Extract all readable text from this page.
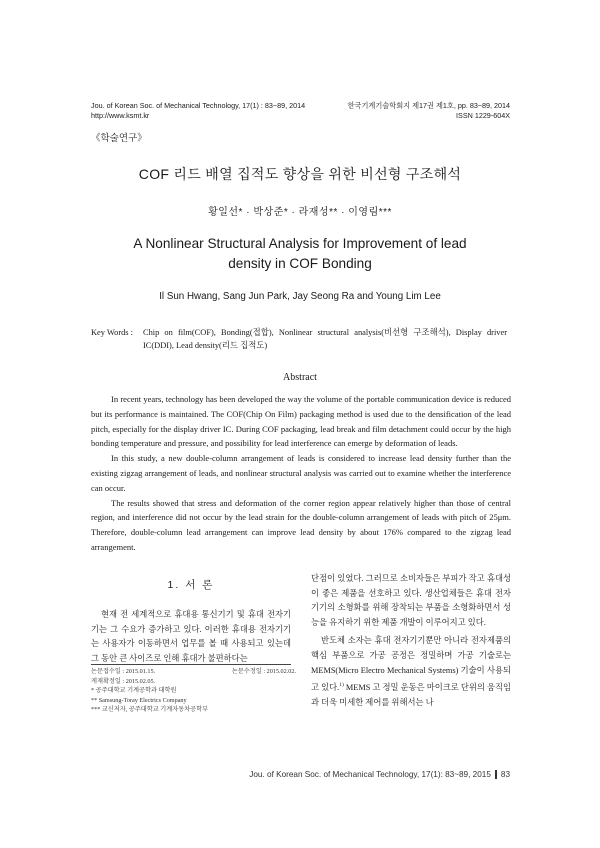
Jou. of Korean Soc. of Mechanical Technology, 17(1) : 83~89, 2014
http://www.ksmt.kr
한국기계기술학회지 제17권 제1호, pp. 83~89, 2014
ISSN 1229-604X
《학술연구》
COF 리드 배열 집적도 향상을 위한 비선형 구조해석
황일선* · 박상준* · 라재성** · 이영림***
A Nonlinear Structural Analysis for Improvement of lead density in COF Bonding
Il Sun Hwang, Sang Jun Park, Jay Seong Ra and Young Lim Lee
Key Words : Chip on film(COF), Bonding(접합), Nonlinear structural analysis(비선형 구조해석), Display driver IC(DDI), Lead density(리드 집적도)
Abstract

In recent years, technology has been developed the way the volume of the portable communication device is reduced but its performance is maintained. The COF(Chip On Film) packaging method is used due to the densification of the lead pitch, especially for the display driver IC. During COF packaging, lead break and film detachment could occur by the high bonding temperature and pressure, and possibility for lead interference can emerge by deformation of leads.

In this study, a new double-column arrangement of leads is considered to increase lead density further than the existing zigzag arrangement of leads, and nonlinear structural analysis was carried out to examine whether the interference can occur.

The results showed that stress and deformation of the corner region appear relatively higher than those of central region, and interference did not occur by the lead strain for the double-column arrangement of leads with pitch of 25μm. Therefore, double-column lead arrangement can improve lead density by about 176% compared to the zigzag lead arrangement.

1. 서 론

현재 전 세계적으로 휴대용 통신기기 및 휴대 전자기기는 그 수요가 증가하고 있다. 이러한 휴대용 전자기기는 사용자가 이동하면서 업무를 볼 때 사용되고 있는데 그 동안 큰 사이즈로 인해 휴대가 불편하다는

단점이 있었다. 그러므로 소비자들은 부피가 작고 휴대성이 좋은 제품을 선호하고 있다. 생산업체들은 휴대 전자기기의 소형화를 위해 장착되는 부품을 소형화하면서 성능을 유지하기 위한 제품 개발이 이루어지고 있다.

반도체 소자는 휴대 전자기기뿐만 아니라 전자제품의 핵심 부품으로 가공 공정은 정밀하며 가공 기술로는 MEMS(Micro Electro Mechanical Systems) 기술이 사용되고 있다.$^{1)}$ MEMS 고 정밀 운동은 마이크로 단위의 움직임과 더욱 미세한 제어를 위해서는 나

논문접수일 : 2015.01.15.	논문수정일 : 2015.02.02.
게재확정일 : 2015.02.05.
* 공주대학교 기계공학과 대학원
** Samsung-Toray Electrics Company
*** 교신저자, 공주대학교 기계자동차공학부
Jou. of Korean Soc. of Mechanical Technology, 17(1): 83~89, 2015 83
